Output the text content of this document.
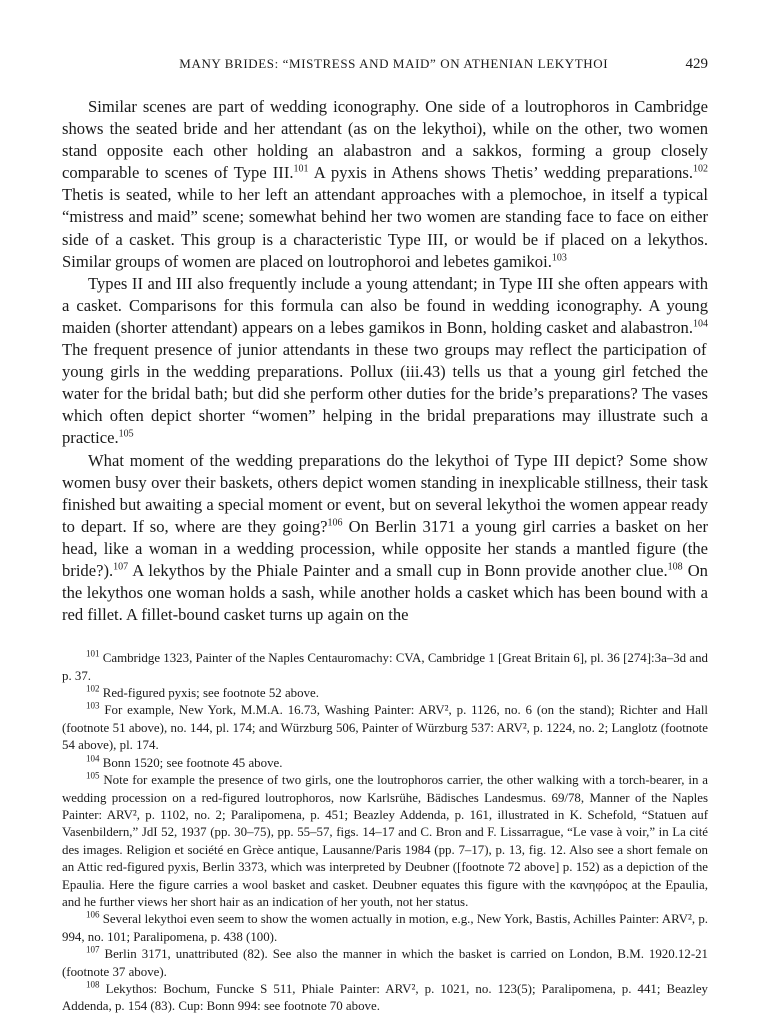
MANY BRIDES: “MISTRESS AND MAID” ON ATHENIAN LEKYTHOI	429

Similar scenes are part of wedding iconography. One side of a loutrophoros in Cambridge shows the seated bride and her attendant (as on the lekythoi), while on the other, two women stand opposite each other holding an alabastron and a sakkos, forming a group closely comparable to scenes of Type III.$^{101}$ A pyxis in Athens shows Thetis’ wedding preparations.$^{102}$ Thetis is seated, while to her left an attendant approaches with a plemochoe, in itself a typical “mistress and maid” scene; somewhat behind her two women are standing face to face on either side of a casket. This group is a characteristic Type III, or would be if placed on a lekythos. Similar groups of women are placed on loutrophoroi and lebetes gamikoi.$^{103}$

Types II and III also frequently include a young attendant; in Type III she often appears with a casket. Comparisons for this formula can also be found in wedding iconography. A young maiden (shorter attendant) appears on a lebes gamikos in Bonn, holding casket and alabastron.$^{104}$ The frequent presence of junior attendants in these two groups may reflect the participation of young girls in the wedding preparations. Pollux (iii.43) tells us that a young girl fetched the water for the bridal bath; but did she perform other duties for the bride’s preparations? The vases which often depict shorter “women” helping in the bridal preparations may illustrate such a practice.$^{105}$

What moment of the wedding preparations do the lekythoi of Type III depict? Some show women busy over their baskets, others depict women standing in inexplicable stillness, their task finished but awaiting a special moment or event, but on several lekythoi the women appear ready to depart. If so, where are they going?$^{106}$ On Berlin 3171 a young girl carries a basket on her head, like a woman in a wedding procession, while opposite her stands a mantled figure (the bride?).$^{107}$ A lekythos by the Phiale Painter and a small cup in Bonn provide another clue.$^{108}$ On the lekythos one woman holds a sash, while another holds a casket which has been bound with a red fillet. A fillet-bound casket turns up again on the

$^{101}$ Cambridge 1323, Painter of the Naples Centauromachy: CVA, Cambridge 1 [Great Britain 6], pl. 36 [274]:3a–3d and p. 37.

$^{102}$ Red-figured pyxis; see footnote 52 above.

$^{103}$ For example, New York, M.M.A. 16.73, Washing Painter: ARV², p. 1126, no. 6 (on the stand); Richter and Hall (footnote 51 above), no. 144, pl. 174; and Würzburg 506, Painter of Würzburg 537: ARV², p. 1224, no. 2; Langlotz (footnote 54 above), pl. 174.

$^{104}$ Bonn 1520; see footnote 45 above.

$^{105}$ Note for example the presence of two girls, one the loutrophoros carrier, the other walking with a torch-bearer, in a wedding procession on a red-figured loutrophoros, now Karlsrühe, Bädisches Landesmus. 69/78, Manner of the Naples Painter: ARV², p. 1102, no. 2; Paralipomena, p. 451; Beazley Addenda, p. 161, illustrated in K. Schefold, “Statuen auf Vasenbildern,” JdI 52, 1937 (pp. 30–75), pp. 55–57, figs. 14–17 and C. Bron and F. Lissarrague, “Le vase à voir,” in La cité des images. Religion et société en Grèce antique, Lausanne/Paris 1984 (pp. 7–17), p. 13, fig. 12. Also see a short female on an Attic red-figured pyxis, Berlin 3373, which was interpreted by Deubner ([footnote 72 above] p. 152) as a depiction of the Epaulia. Here the figure carries a wool basket and casket. Deubner equates this figure with the κανηφόρος at the Epaulia, and he further views her short hair as an indication of her youth, not her status.

$^{106}$ Several lekythoi even seem to show the women actually in motion, e.g., New York, Bastis, Achilles Painter: ARV², p. 994, no. 101; Paralipomena, p. 438 (100).

$^{107}$ Berlin 3171, unattributed (82). See also the manner in which the basket is carried on London, B.M. 1920.12-21 (footnote 37 above).

$^{108}$ Lekythos: Bochum, Funcke S 511, Phiale Painter: ARV², p. 1021, no. 123(5); Paralipomena, p. 441; Beazley Addenda, p. 154 (83). Cup: Bonn 994: see footnote 70 above.
